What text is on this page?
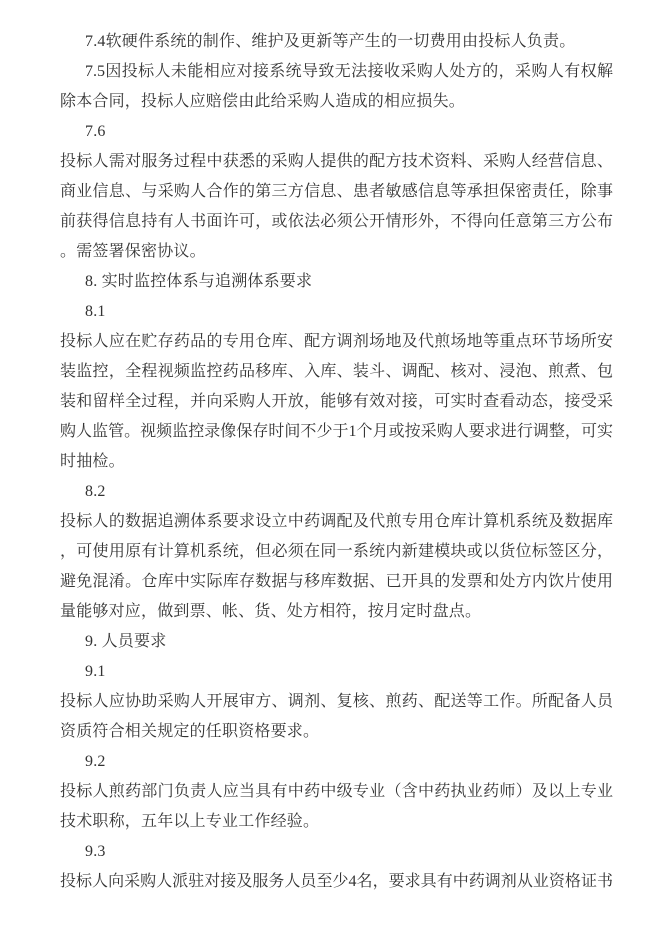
7.4软硬件系统的制作、维护及更新等产生的一切费用由投标人负责。
7.5因投标人未能相应对接系统导致无法接收采购人处方的，采购人有权解
除本合同，投标人应赔偿由此给采购人造成的相应损失。
7.6
投标人需对服务过程中获悉的采购人提供的配方技术资料、采购人经营信息、
商业信息、与采购人合作的第三方信息、患者敏感信息等承担保密责任，除事
前获得信息持有人书面许可，或依法必须公开情形外，不得向任意第三方公布
。需签署保密协议。
8. 实时监控体系与追溯体系要求
8.1
投标人应在贮存药品的专用仓库、配方调剂场地及代煎场地等重点环节场所安
装监控，全程视频监控药品移库、入库、装斗、调配、核对、浸泡、煎煮、包
装和留样全过程，并向采购人开放，能够有效对接，可实时查看动态，接受采
购人监管。视频监控录像保存时间不少于1个月或按采购人要求进行调整，可实
时抽检。
8.2
投标人的数据追溯体系要求设立中药调配及代煎专用仓库计算机系统及数据库
，可使用原有计算机系统，但必须在同一系统内新建模块或以货位标签区分，
避免混淆。仓库中实际库存数据与移库数据、已开具的发票和处方内饮片使用
量能够对应，做到票、帐、货、处方相符，按月定时盘点。
9. 人员要求
9.1
投标人应协助采购人开展审方、调剂、复核、煎药、配送等工作。所配备人员
资质符合相关规定的任职资格要求。
9.2
投标人煎药部门负责人应当具有中药中级专业（含中药执业药师）及以上专业
技术职称，五年以上专业工作经验。
9.3
投标人向采购人派驻对接及服务人员至少4名，要求具有中药调剂从业资格证书
